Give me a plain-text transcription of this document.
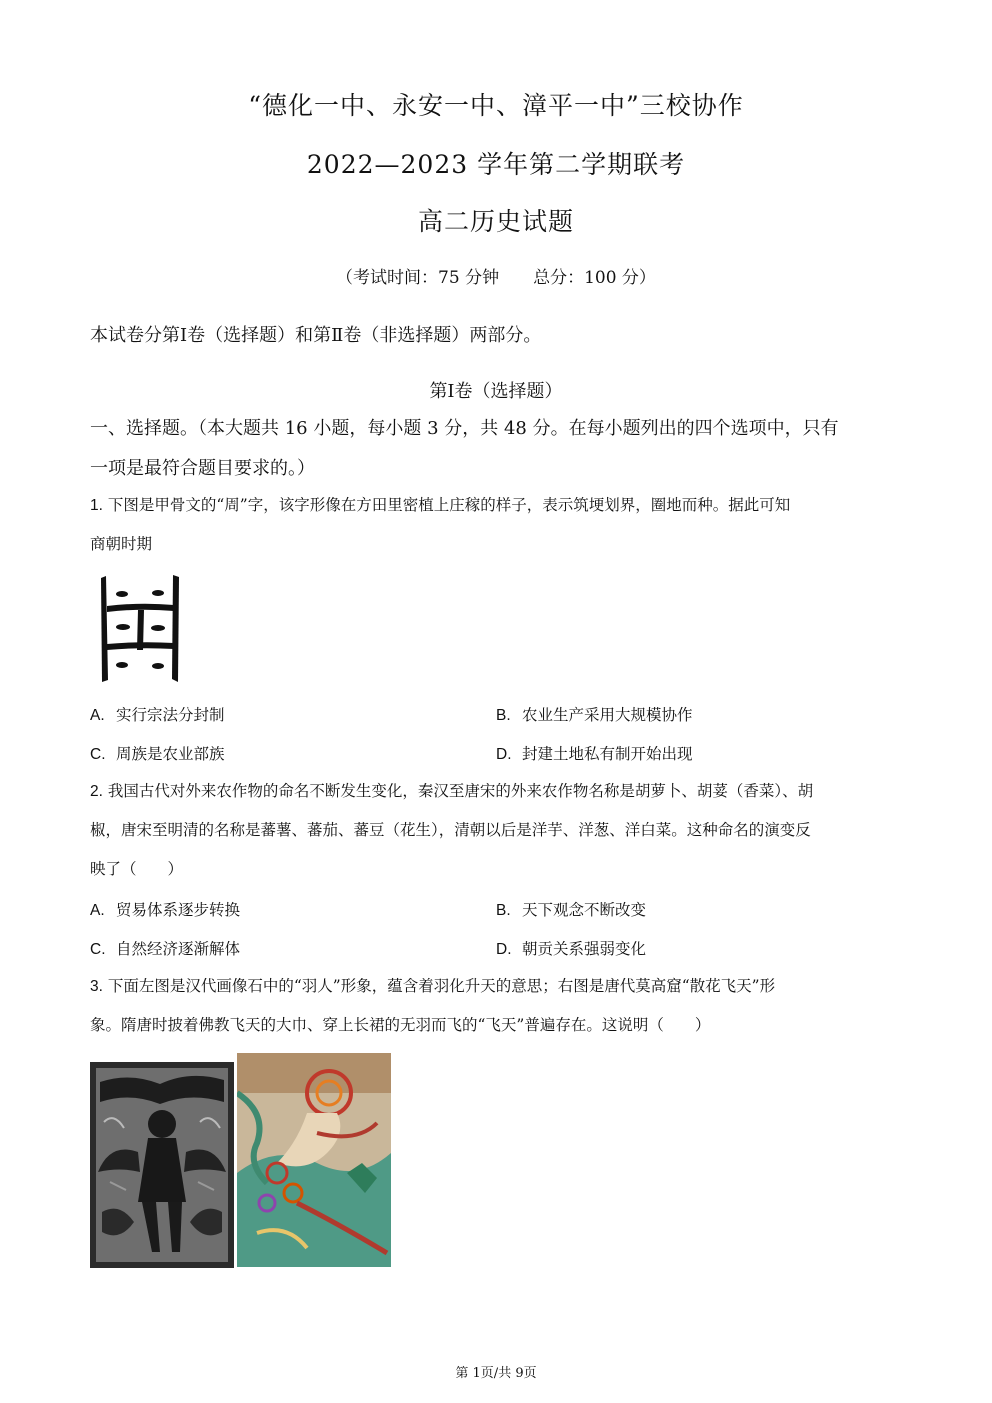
“德化一中、永安一中、漳平一中”三校协作
2022—2023 学年第二学期联考
高二历史试题
（考试时间：75 分钟　　总分：100 分）
本试卷分第Ⅰ卷（选择题）和第Ⅱ卷（非选择题）两部分。
第Ⅰ卷（选择题）
一、选择题。（本大题共 16 小题，每小题 3 分，共 48 分。在每小题列出的四个选项中，只有
一项是最符合题目要求的。）
1. 下图是甲骨文的“周”字，该字形像在方田里密植上庄稼的样子，表示筑埂划界，圈地而种。据此可知
商朝时期
A. 实行宗法分封制	B. 农业生产采用大规模协作
C. 周族是农业部族	D. 封建土地私有制开始出现
2. 我国古代对外来农作物的命名不断发生变化，秦汉至唐宋的外来农作物名称是胡萝卜、胡荽（香菜）、胡
椒，唐宋至明清的名称是蕃薯、蕃茄、蕃豆（花生），清朝以后是洋芋、洋葱、洋白菜。这种命名的演变反
映了（　　）
A. 贸易体系逐步转换	B. 天下观念不断改变
C. 自然经济逐渐解体	D. 朝贡关系强弱变化
3. 下面左图是汉代画像石中的“羽人”形象，蕴含着羽化升天的意思；右图是唐代莫高窟“散花飞天”形
象。隋唐时披着佛教飞天的大巾、穿上长裙的无羽而飞的“飞天”普遍存在。这说明（　　）
第 1页/共 9页
